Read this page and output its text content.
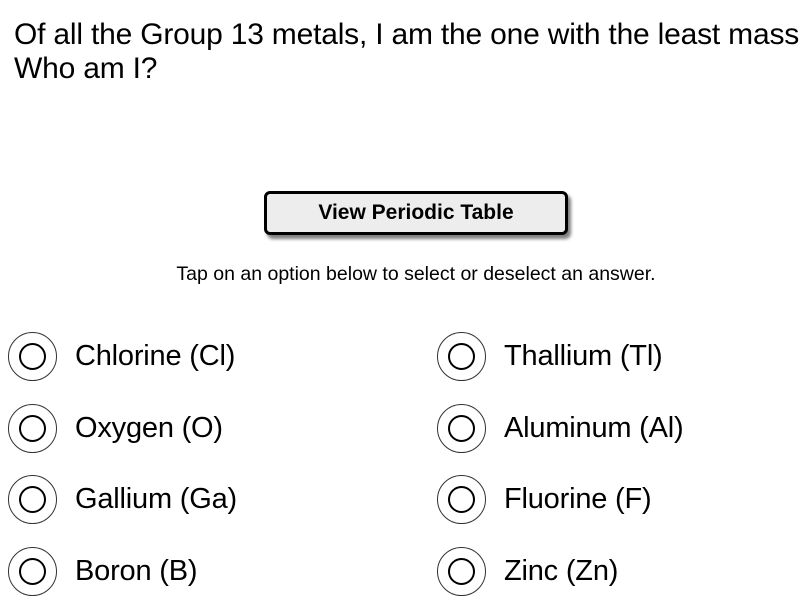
Of all the Group 13 metals, I am the one with the least mass
Who am I?
View Periodic Table
Tap on an option below to select or deselect an answer.
Chlorine (Cl)	Thallium (Tl)
Oxygen (O)	Aluminum (Al)
Gallium (Ga)	Fluorine (F)
Boron (B)	Zinc (Zn)
